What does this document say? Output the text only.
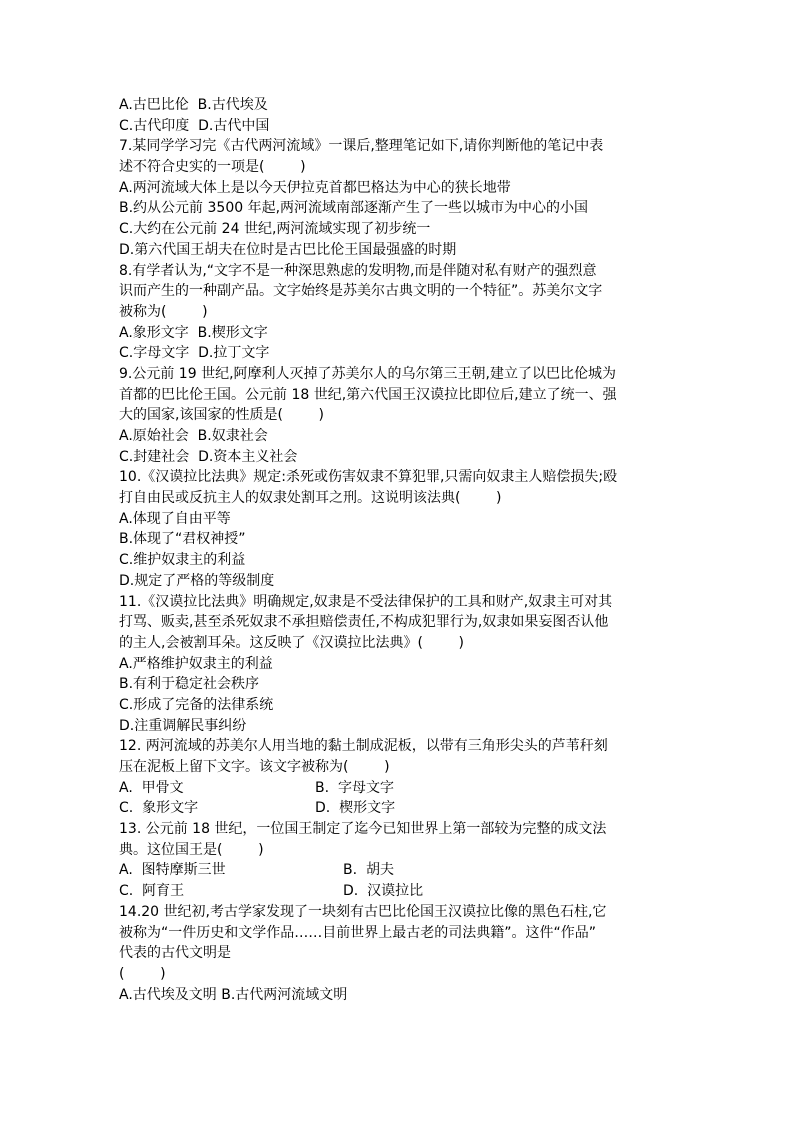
A.古巴比伦  B.古代埃及
C.古代印度  D.古代中国
7.某同学学习完《古代两河流域》一课后,整理笔记如下,请你判断他的笔记中表
述不符合史实的一项是(        )
A.两河流域大体上是以今天伊拉克首都巴格达为中心的狭长地带
B.约从公元前 3500 年起,两河流域南部逐渐产生了一些以城市为中心的小国
C.大约在公元前 24 世纪,两河流域实现了初步统一
D.第六代国王胡夫在位时是古巴比伦王国最强盛的时期
8.有学者认为,“文字不是一种深思熟虑的发明物,而是伴随对私有财产的强烈意
识而产生的一种副产品。文字始终是苏美尔古典文明的一个特征”。苏美尔文字
被称为(        )
A.象形文字  B.楔形文字
C.字母文字  D.拉丁文字
9.公元前 19 世纪,阿摩利人灭掉了苏美尔人的乌尔第三王朝,建立了以巴比伦城为
首都的巴比伦王国。公元前 18 世纪,第六代国王汉谟拉比即位后,建立了统一、强
大的国家,该国家的性质是(        )
A.原始社会  B.奴隶社会
C.封建社会  D.资本主义社会
10.《汉谟拉比法典》规定:杀死或伤害奴隶不算犯罪,只需向奴隶主人赔偿损失;殴
打自由民或反抗主人的奴隶处割耳之刑。这说明该法典(        )
A.体现了自由平等
B.体现了“君权神授”
C.维护奴隶主的利益
D.规定了严格的等级制度
11.《汉谟拉比法典》明确规定,奴隶是不受法律保护的工具和财产,奴隶主可对其
打骂、贩卖,甚至杀死奴隶不承担赔偿责任,不构成犯罪行为,奴隶如果妄图否认他
的主人,会被割耳朵。这反映了《汉谟拉比法典》(        )
A.严格维护奴隶主的利益
B.有利于稳定社会秩序
C.形成了完备的法律系统
D.注重调解民事纠纷
12. 两河流域的苏美尔人用当地的黏土制成泥板，以带有三角形尖头的芦苇秆刻
压在泥板上留下文字。该文字被称为(        )

A.  甲骨文

	B.  字母文字

C.  象形文字

	D.  楔形文字

13. 公元前 18 世纪，一位国王制定了迄今已知世界上第一部较为完整的成文法
典。这位国王是(        )

A.  图特摩斯三世

	B.  胡夫

C.  阿育王

	D.  汉谟拉比

14.20 世纪初,考古学家发现了一块刻有古巴比伦国王汉谟拉比像的黑色石柱,它
被称为“一件历史和文学作品……目前世界上最古老的司法典籍”。这件“作品”
代表的古代文明是
(        )
A.古代埃及文明 B.古代两河流域文明
